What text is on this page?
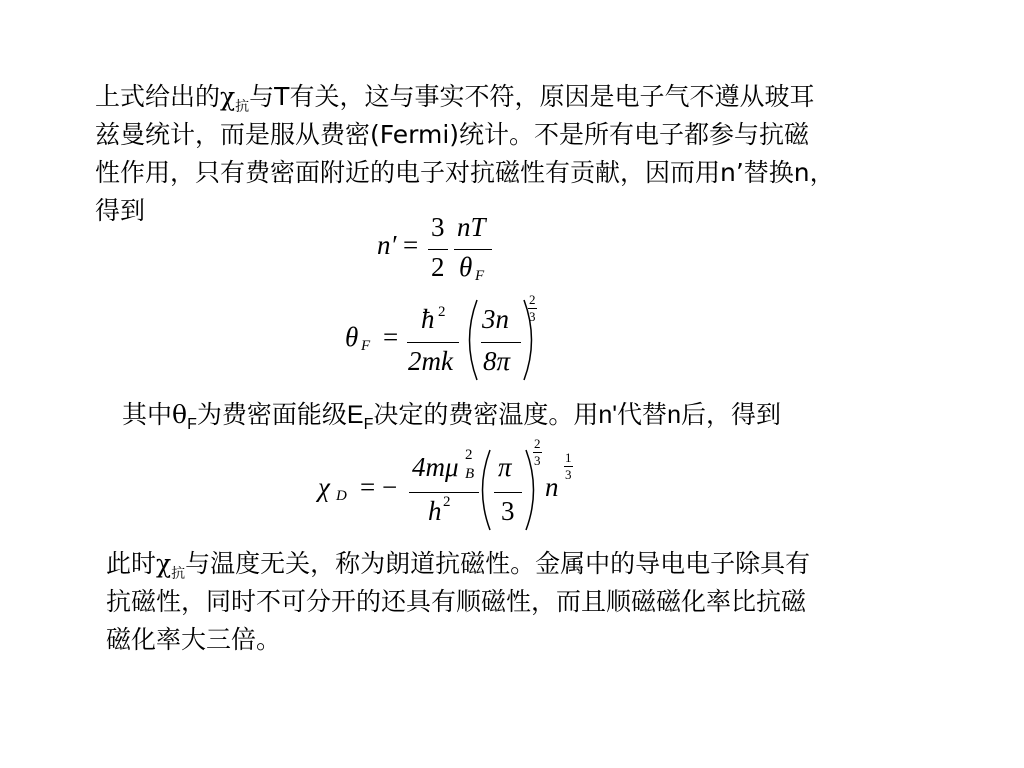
上式给出的$\chi_抗$与T有关，这与事实不符，原因是电子气不遵从玻耳
兹曼统计，而是服从费密(Fermi)统计。不是所有电子都参与抗磁
性作用，只有费密面附近的电子对抗磁性有贡献，因而用n’替换n，
得到
n′ =
3
2
nT
θ F
θ F =
ħ 2
2mk
3n
8π
2
3
其中$\theta_F$为费密面能级$E_F$决定的费密温度。用n'代替n后，得到
χ D = −
4mμ 2
B
h 2
π
3
2
3
n
1
3
此时$\chi_抗$与温度无关，称为朗道抗磁性。金属中的导电电子除具有
抗磁性，同时不可分开的还具有顺磁性，而且顺磁磁化率比抗磁
磁化率大三倍。
